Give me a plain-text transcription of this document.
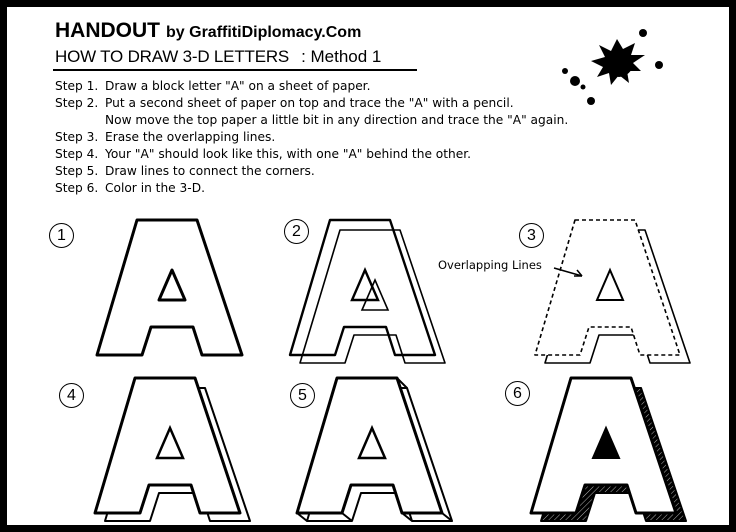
HANDOUT by GraffitiDiplomacy.Com
HOW TO DRAW 3-D LETTERS : Method 1
Step 1. Draw a block letter "A" on a sheet of paper.
Step 2. Put a second sheet of paper on top and trace the "A" with a pencil.
Now move the top paper a little bit in any direction and trace the "A" again.
Step 3. Erase the overlapping lines.
Step 4. Your "A" should look like this, with one "A" behind the other.
Step 5. Draw lines to connect the corners.
Step 6. Color in the 3-D.
1	2	3
Overlapping Lines
4	5	6
